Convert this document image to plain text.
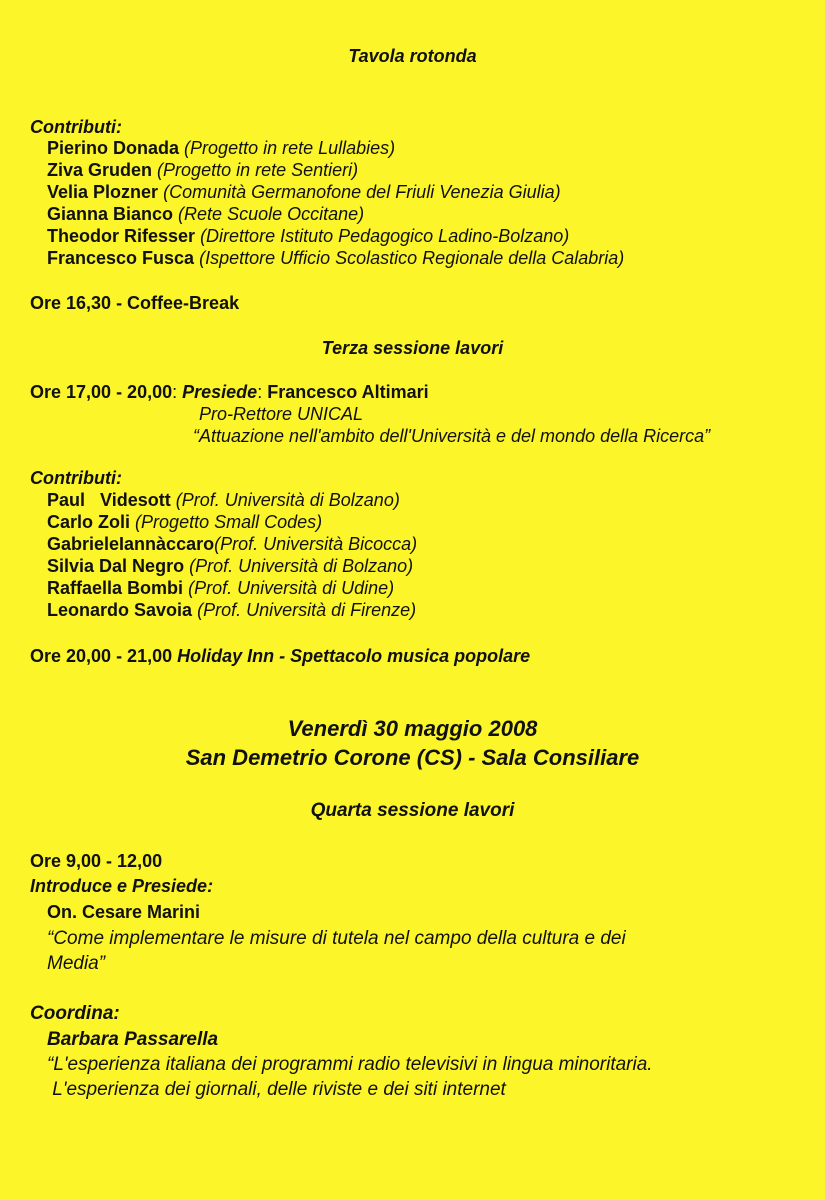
Tavola rotonda
Contributi:
Pierino Donada (Progetto in rete Lullabies)
Ziva Gruden (Progetto in rete Sentieri)
Velia Plozner (Comunità Germanofone del Friuli Venezia Giulia)
Gianna Bianco (Rete Scuole Occitane)
Theodor Rifesser (Direttore Istituto Pedagogico Ladino-Bolzano)
Francesco Fusca (Ispettore Ufficio Scolastico Regionale della Calabria)
Ore 16,30 - Coffee-Break
Terza sessione lavori
Ore 17,00 - 20,00: Presiede: Francesco Altimari
Pro-Rettore UNICAL
“Attuazione nell'ambito dell'Università e del mondo della Ricerca”
Contributi:
Paul Videsott (Prof. Università di Bolzano)
Carlo Zoli (Progetto Small Codes)
GabrieleIannàccaro(Prof. Università Bicocca)
Silvia Dal Negro (Prof. Università di Bolzano)
Raffaella Bombi (Prof. Università di Udine)
Leonardo Savoia (Prof. Università di Firenze)
Ore 20,00 - 21,00 Holiday Inn - Spettacolo musica popolare
Venerdì 30 maggio 2008
San Demetrio Corone (CS) - Sala Consiliare
Quarta sessione lavori
Ore 9,00 - 12,00
Introduce e Presiede:
On. Cesare Marini
“Come implementare le misure di tutela nel campo della cultura e dei
Media”
Coordina:
Barbara Passarella
“L'esperienza italiana dei programmi radio televisivi in lingua minoritaria.
L'esperienza dei giornali, delle riviste e dei siti internet
